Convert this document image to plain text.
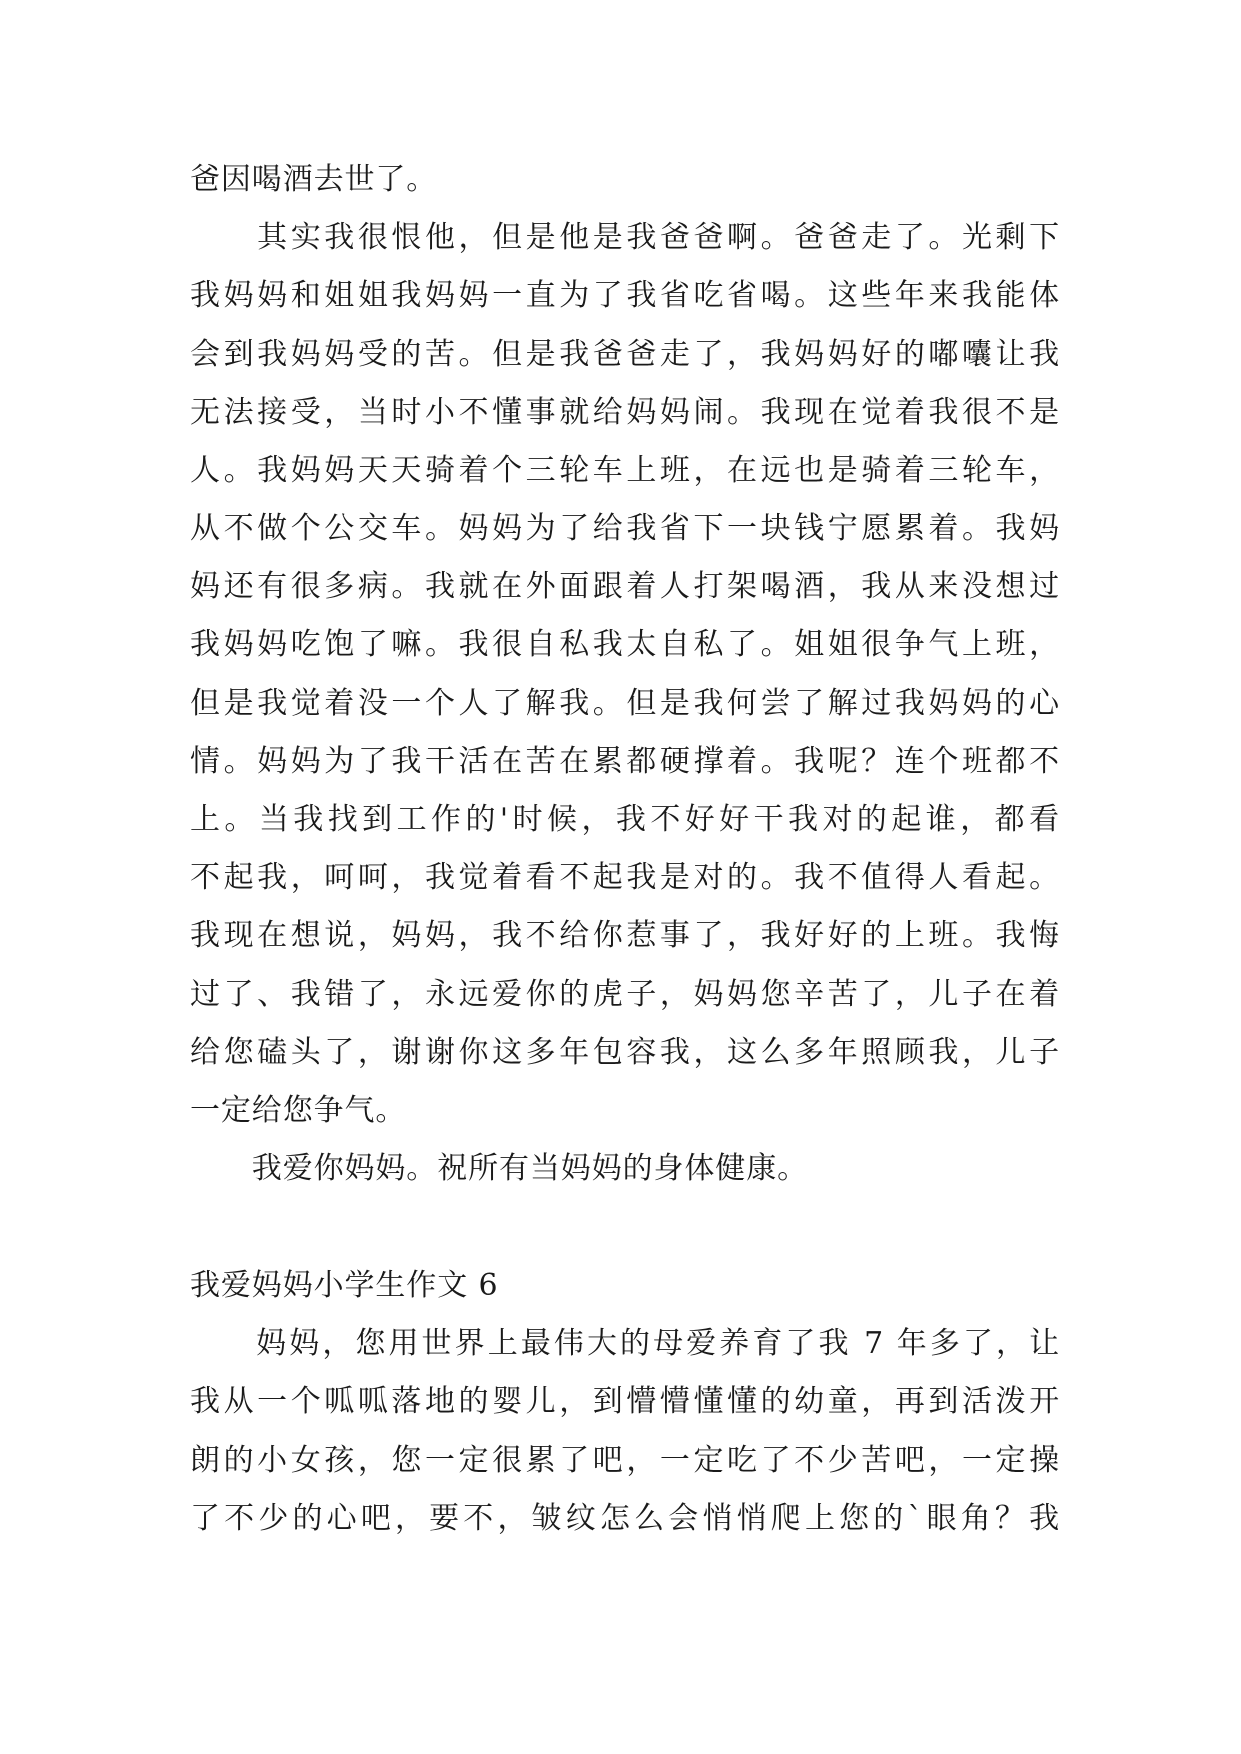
爸因喝酒去世了。
　　其实我很恨他，但是他是我爸爸啊。爸爸走了。光剩下
我妈妈和姐姐我妈妈一直为了我省吃省喝。这些年来我能体
会到我妈妈受的苦。但是我爸爸走了，我妈妈好的嘟囔让我
无法接受，当时小不懂事就给妈妈闹。我现在觉着我很不是
人。我妈妈天天骑着个三轮车上班，在远也是骑着三轮车，
从不做个公交车。妈妈为了给我省下一块钱宁愿累着。我妈
妈还有很多病。我就在外面跟着人打架喝酒，我从来没想过
我妈妈吃饱了嘛。我很自私我太自私了。姐姐很争气上班，
但是我觉着没一个人了解我。但是我何尝了解过我妈妈的心
情。妈妈为了我干活在苦在累都硬撑着。我呢？连个班都不
上。当我找到工作的'时候，我不好好干我对的起谁，都看
不起我，呵呵，我觉着看不起我是对的。我不值得人看起。
我现在想说，妈妈，我不给你惹事了，我好好的上班。我悔
过了、我错了，永远爱你的虎子，妈妈您辛苦了，儿子在着
给您磕头了，谢谢你这多年包容我，这么多年照顾我，儿子
一定给您争气。
　　我爱你妈妈。祝所有当妈妈的身体健康。
我爱妈妈小学生作文 6
　　妈妈，您用世界上最伟大的母爱养育了我 7 年多了，让
我从一个呱呱落地的婴儿，到懵懵懂懂的幼童，再到活泼开
朗的小女孩，您一定很累了吧，一定吃了不少苦吧，一定操
了不少的心吧，要不，皱纹怎么会悄悄爬上您的`眼角？我
